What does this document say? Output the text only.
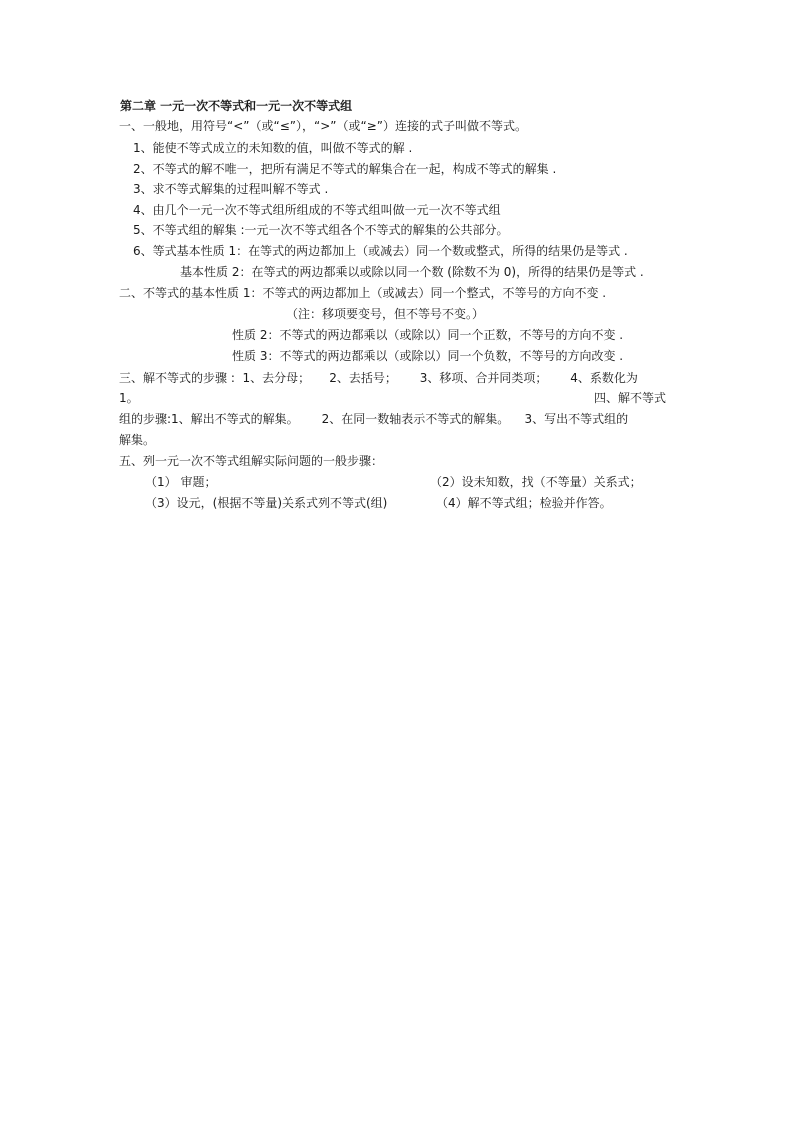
第二章 一元一次不等式和一元一次不等式组
一、一般地，用符号“<”（或“≤”），“>”（或“≥”）连接的式子叫做不等式。
1、能使不等式成立的未知数的值，叫做不等式的解 .
2、不等式的解不唯一，把所有满足不等式的解集合在一起，构成不等式的解集 .
3、求不等式解集的过程叫解不等式 .
4、由几个一元一次不等式组所组成的不等式组叫做一元一次不等式组
5、不等式组的解集 :一元一次不等式组各个不等式的解集的公共部分。
6、等式基本性质 1：在等式的两边都加上（或减去）同一个数或整式，所得的结果仍是等式 .
基本性质 2：在等式的两边都乘以或除以同一个数 (除数不为 0)，所得的结果仍是等式 .
二、不等式的基本性质 1：不等式的两边都加上（或减去）同一个整式，不等号的方向不变 .
（注：移项要变号，但不等号不变。）
性质 2：不等式的两边都乘以（或除以）同一个正数，不等号的方向不变 .
性质 3：不等式的两边都乘以（或除以）同一个负数，不等号的方向改变 .
三、解不等式的步骤 :  1、去分母；     2、去括号；      3、移项、合并同类项；      4、系数化为
1。	四、解不等式
组的步骤:1、解出不等式的解集。      2、在同一数轴表示不等式的解集。    3、写出不等式组的
解集。
五、列一元一次不等式组解实际问题的一般步骤：
（1） 审题；	（2）设未知数，找（不等量）关系式；
（3）设元，(根据不等量)关系式列不等式(组)	（4）解不等式组；检验并作答。
